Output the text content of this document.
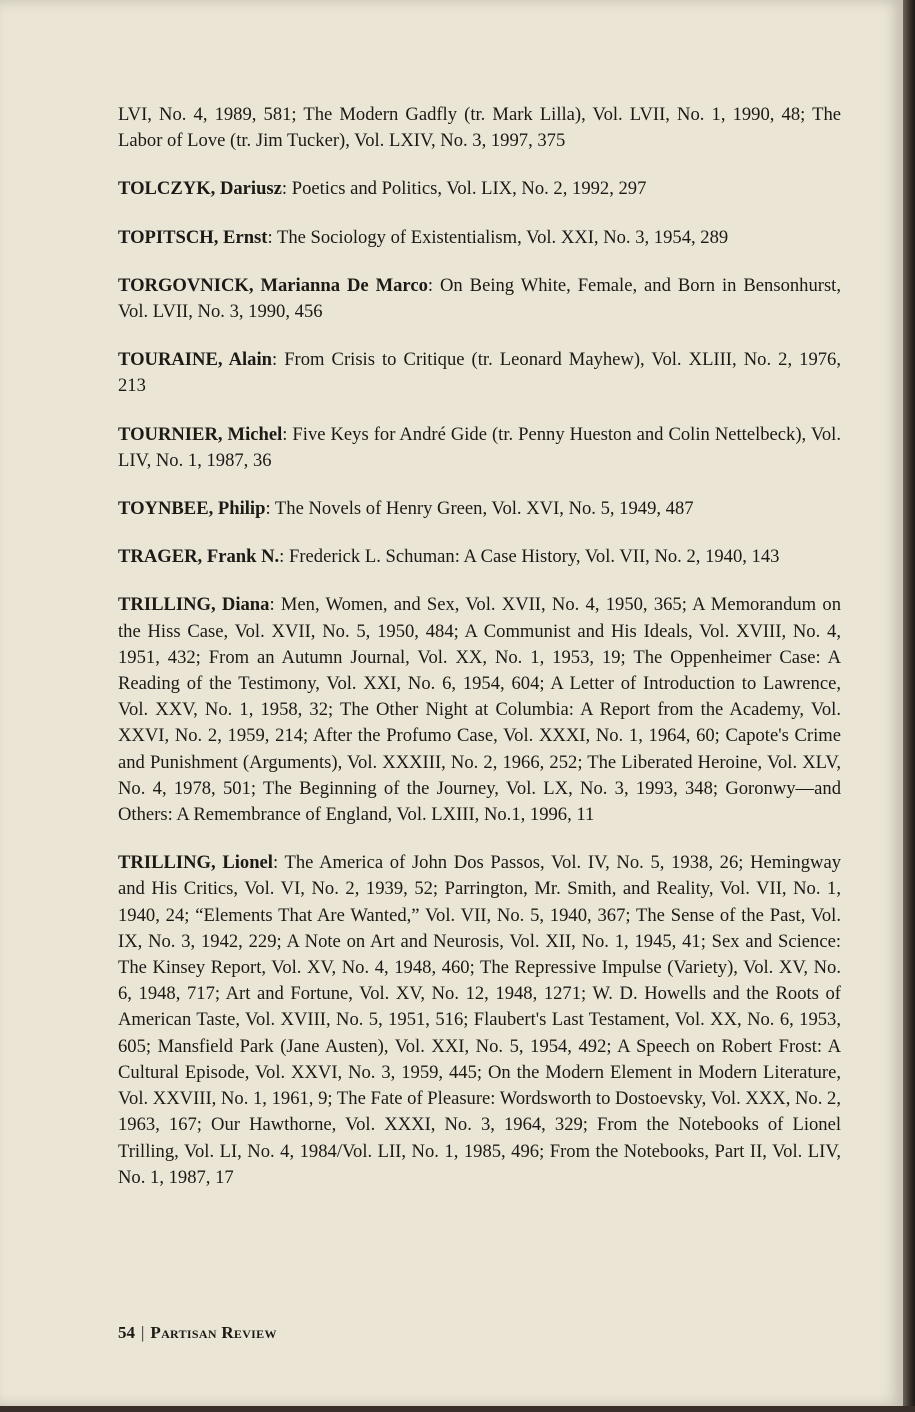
LVI, No. 4, 1989, 581; The Modern Gadfly (tr. Mark Lilla), Vol. LVII, No. 1, 1990, 48; The Labor of Love (tr. Jim Tucker), Vol. LXIV, No. 3, 1997, 375

TOLCZYK, Dariusz: Poetics and Politics, Vol. LIX, No. 2, 1992, 297

TOPITSCH, Ernst: The Sociology of Existentialism, Vol. XXI, No. 3, 1954, 289

TORGOVNICK, Marianna De Marco: On Being White, Female, and Born in Bensonhurst, Vol. LVII, No. 3, 1990, 456

TOURAINE, Alain: From Crisis to Critique (tr. Leonard Mayhew), Vol. XLIII, No. 2, 1976, 213

TOURNIER, Michel: Five Keys for André Gide (tr. Penny Hueston and Colin Nettelbeck), Vol. LIV, No. 1, 1987, 36

TOYNBEE, Philip: The Novels of Henry Green, Vol. XVI, No. 5, 1949, 487

TRAGER, Frank N.: Frederick L. Schuman: A Case History, Vol. VII, No. 2, 1940, 143

TRILLING, Diana: Men, Women, and Sex, Vol. XVII, No. 4, 1950, 365; A Memorandum on the Hiss Case, Vol. XVII, No. 5, 1950, 484; A Communist and His Ideals, Vol. XVIII, No. 4, 1951, 432; From an Autumn Journal, Vol. XX, No. 1, 1953, 19; The Oppenheimer Case: A Reading of the Testimony, Vol. XXI, No. 6, 1954, 604; A Letter of Introduction to Lawrence, Vol. XXV, No. 1, 1958, 32; The Other Night at Columbia: A Report from the Academy, Vol. XXVI, No. 2, 1959, 214; After the Profumo Case, Vol. XXXI, No. 1, 1964, 60; Capote's Crime and Punishment (Arguments), Vol. XXXIII, No. 2, 1966, 252; The Liberated Heroine, Vol. XLV, No. 4, 1978, 501; The Beginning of the Journey, Vol. LX, No. 3, 1993, 348; Goronwy—and Others: A Remembrance of England, Vol. LXIII, No.1, 1996, 11

TRILLING, Lionel: The America of John Dos Passos, Vol. IV, No. 5, 1938, 26; Hemingway and His Critics, Vol. VI, No. 2, 1939, 52; Parrington, Mr. Smith, and Reality, Vol. VII, No. 1, 1940, 24; “Elements That Are Wanted,” Vol. VII, No. 5, 1940, 367; The Sense of the Past, Vol. IX, No. 3, 1942, 229; A Note on Art and Neurosis, Vol. XII, No. 1, 1945, 41; Sex and Science: The Kinsey Report, Vol. XV, No. 4, 1948, 460; The Repressive Impulse (Variety), Vol. XV, No. 6, 1948, 717; Art and Fortune, Vol. XV, No. 12, 1948, 1271; W. D. Howells and the Roots of American Taste, Vol. XVIII, No. 5, 1951, 516; Flaubert's Last Testament, Vol. XX, No. 6, 1953, 605; Mansfield Park (Jane Austen), Vol. XXI, No. 5, 1954, 492; A Speech on Robert Frost: A Cultural Episode, Vol. XXVI, No. 3, 1959, 445; On the Modern Element in Modern Literature, Vol. XXVIII, No. 1, 1961, 9; The Fate of Pleasure: Wordsworth to Dostoevsky, Vol. XXX, No. 2, 1963, 167; Our Hawthorne, Vol. XXXI, No. 3, 1964, 329; From the Notebooks of Lionel Trilling, Vol. LI, No. 4, 1984/Vol. LII, No. 1, 1985, 496; From the Notebooks, Part II, Vol. LIV, No. 1, 1987, 17

54 | Partisan Review
